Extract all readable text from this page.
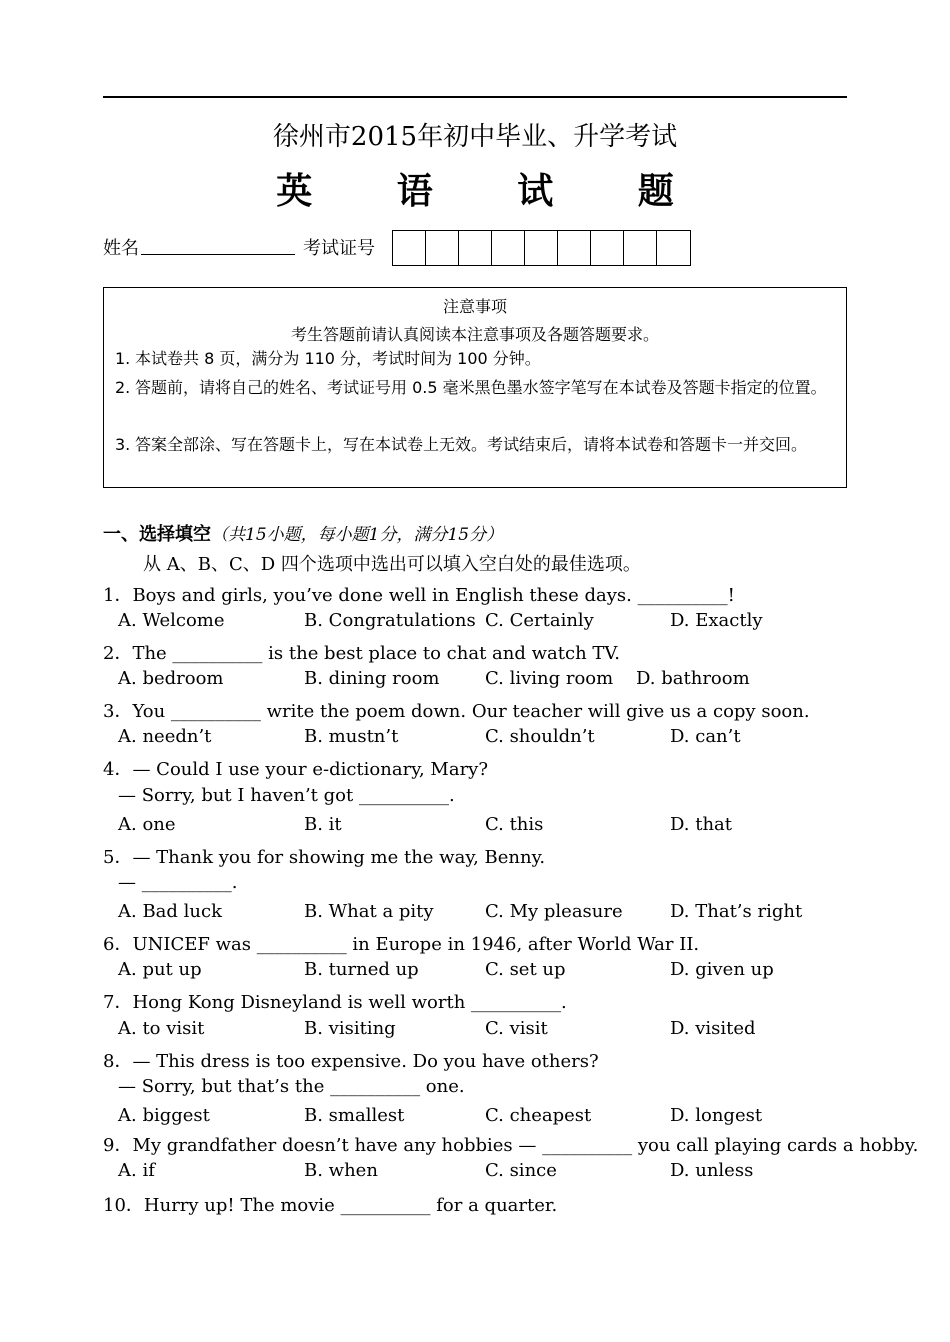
徐州市2015年初中毕业、升学考试
英 语 试 题
姓名	考试证号
注意事项
考生答题前请认真阅读本注意事项及各题答题要求。
1. 本试卷共 8 页，满分为 110 分，考试时间为 100 分钟。
2. 答题前，请将自己的姓名、考试证号用 0.5 毫米黑色墨水签字笔写在本试卷及答题卡指定的位置。
3. 答案全部涂、写在答题卡上，写在本试卷上无效。考试结束后，请将本试卷和答题卡一并交回。
一、选择填空（共15小题，每小题1分，满分15分）
从 A、B、C、D 四个选项中选出可以填入空白处的最佳选项。
1．Boys and girls, you’ve done well in English these days. __________!
A. Welcome	B. Congratulations C. Certainly	D. Exactly
2．The __________ is the best place to chat and watch TV.
A. bedroom	B. dining room	C. living room D. bathroom
3．You __________ write the poem down. Our teacher will give us a copy soon.
A. needn’t	B. mustn’t	C. shouldn’t	D. can’t
4．— Could I use your e-dictionary, Mary?
— Sorry, but I haven’t got __________.
A. one	B. it	C. this	D. that
5．— Thank you for showing me the way, Benny.
— __________.
A. Bad luck	B. What a pity	C. My pleasure	D. That’s right
6．UNICEF was __________ in Europe in 1946, after World War II.
A. put up	B. turned up	C. set up	D. given up
7．Hong Kong Disneyland is well worth __________.
A. to visit	B. visiting	C. visit	D. visited
8．— This dress is too expensive. Do you have others?
— Sorry, but that’s the __________ one.
A. biggest	B. smallest	C. cheapest	D. longest
9．My grandfather doesn’t have any hobbies — __________ you call playing cards a hobby.
A. if	B. when	C. since	D. unless
10．Hurry up! The movie __________ for a quarter.
